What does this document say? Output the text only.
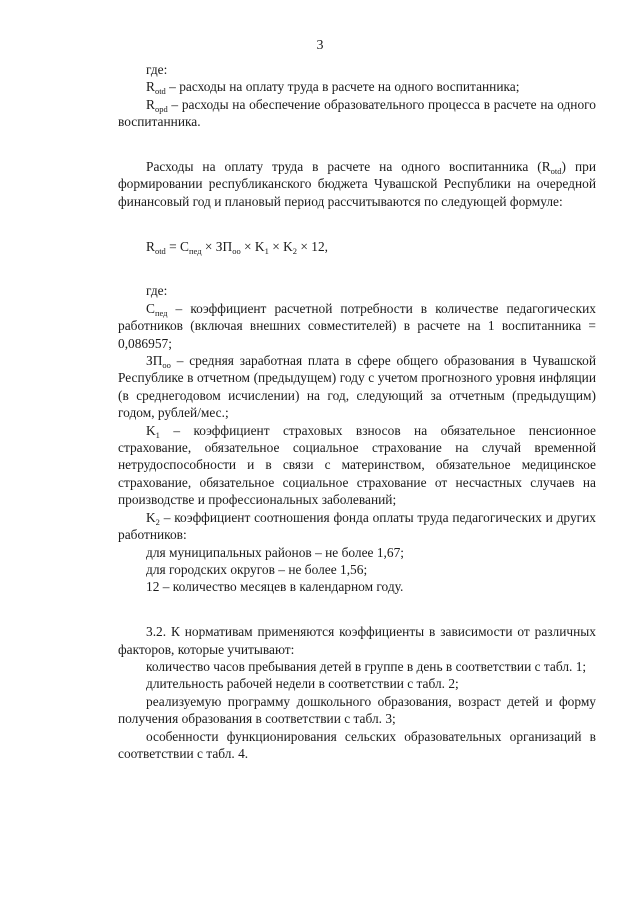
3

где:

$R_{otd}$ – расходы на оплату труда в расчете на одного воспитанника;

$R_{opd}$ – расходы на обеспечение образовательного процесса в расчете на одного воспитанника.

Расходы на оплату труда в расчете на одного воспитанника $(R_{otd})$ при формировании республиканского бюджета Чувашской Республики на очередной финансовый год и плановый период рассчитываются по следующей формуле:

$R_{otd} = C_{пед} \times ЗП_{оо} \times K_1 \times K_2 \times 12$,

где:

$C_{пед}$ – коэффициент расчетной потребности в количестве педагогических работников (включая внешних совместителей) в расчете на 1 воспитанника = 0,086957;

$ЗП_{оо}$ – средняя заработная плата в сфере общего образования в Чувашской Республике в отчетном (предыдущем) году с учетом прогнозного уровня инфляции (в среднегодовом исчислении) на год, следующий за отчетным (предыдущим) годом, рублей/мес.;

$K_1$ – коэффициент страховых взносов на обязательное пенсионное страхование, обязательное социальное страхование на случай временной нетрудоспособности и в связи с материнством, обязательное медицинское страхование, обязательное социальное страхование от несчастных случаев на производстве и профессиональных заболеваний;

$K_2$ – коэффициент соотношения фонда оплаты труда педагогических и других работников:

для муниципальных районов – не более 1,67;

для городских округов – не более 1,56;

12 – количество месяцев в календарном году.

3.2. К нормативам применяются коэффициенты в зависимости от различных факторов, которые учитывают:

количество часов пребывания детей в группе в день в соответствии с табл. 1;

длительность рабочей недели в соответствии с табл. 2;

реализуемую программу дошкольного образования, возраст детей и форму получения образования в соответствии с табл. 3;

особенности функционирования сельских образовательных организаций в соответствии с табл. 4.
